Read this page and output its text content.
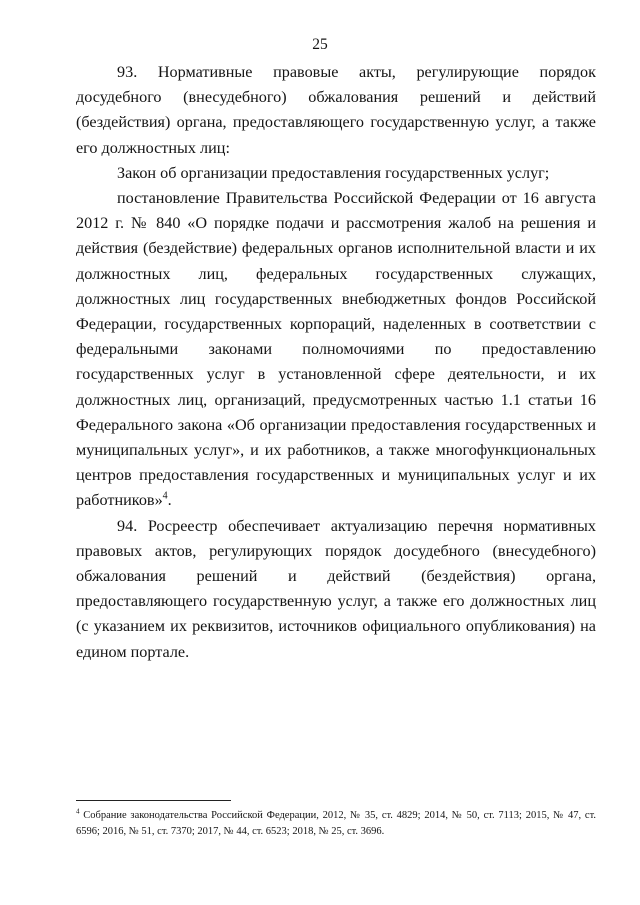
25

93. Нормативные правовые акты, регулирующие порядок досудебного (внесудебного) обжалования решений и действий (бездействия) органа, предоставляющего государственную услуг, а также его должностных лиц:

Закон об организации предоставления государственных услуг;

постановление Правительства Российской Федерации от 16 августа 2012 г. № 840 «О порядке подачи и рассмотрения жалоб на решения и действия (бездействие) федеральных органов исполнительной власти и их должностных лиц, федеральных государственных служащих, должностных лиц государственных внебюджетных фондов Российской Федерации, государственных корпораций, наделенных в соответствии с федеральными законами полномочиями по предоставлению государственных услуг в установленной сфере деятельности, и их должностных лиц, организаций, предусмотренных частью 1.1 статьи 16 Федерального закона «Об организации предоставления государственных и муниципальных услуг», и их работников, а также многофункциональных центров предоставления государственных и муниципальных услуг и их работников»$^4$.

94. Росреестр обеспечивает актуализацию перечня нормативных правовых актов, регулирующих порядок досудебного (внесудебного) обжалования решений и действий (бездействия) органа, предоставляющего государственную услуг, а также его должностных лиц (с указанием их реквизитов, источников официального опубликования) на едином портале.

$^4$ Собрание законодательства Российской Федерации, 2012, № 35, ст. 4829; 2014, № 50, ст. 7113; 2015, № 47, ст. 6596; 2016, № 51, ст. 7370; 2017, № 44, ст. 6523; 2018, № 25, ст. 3696.
